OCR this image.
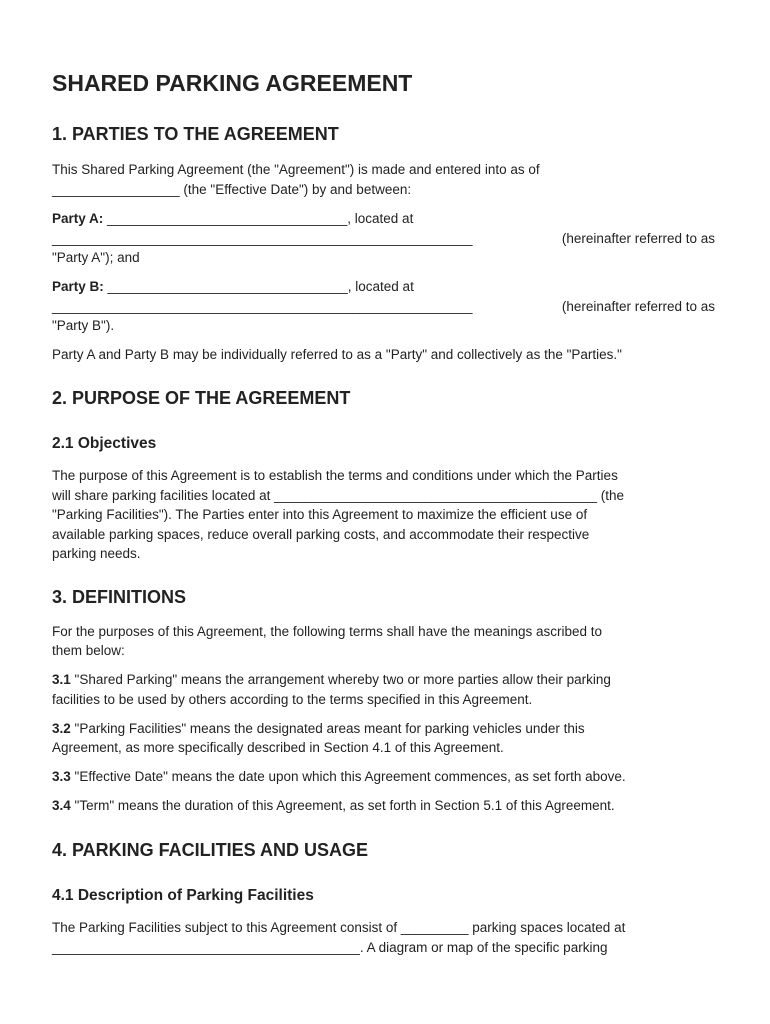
SHARED PARKING AGREEMENT
1. PARTIES TO THE AGREEMENT

This Shared Parking Agreement (the "Agreement") is made and entered into as of

_________________ (the "Effective Date") by and between:

Party A: ________________________________, located at

________________________________________________________	(hereinafter referred to as

"Party A"); and

Party B: ________________________________, located at

________________________________________________________	(hereinafter referred to as

"Party B").

Party A and Party B may be individually referred to as a "Party" and collectively as the "Parties."

2. PURPOSE OF THE AGREEMENT
2.1 Objectives

The purpose of this Agreement is to establish the terms and conditions under which the Parties

will share parking facilities located at ___________________________________________ (the

"Parking Facilities"). The Parties enter into this Agreement to maximize the efficient use of

available parking spaces, reduce overall parking costs, and accommodate their respective

parking needs.

3. DEFINITIONS

For the purposes of this Agreement, the following terms shall have the meanings ascribed to

them below:

3.1 "Shared Parking" means the arrangement whereby two or more parties allow their parking

facilities to be used by others according to the terms specified in this Agreement.

3.2 "Parking Facilities" means the designated areas meant for parking vehicles under this

Agreement, as more specifically described in Section 4.1 of this Agreement.

3.3 "Effective Date" means the date upon which this Agreement commences, as set forth above.

3.4 "Term" means the duration of this Agreement, as set forth in Section 5.1 of this Agreement.

4. PARKING FACILITIES AND USAGE
4.1 Description of Parking Facilities

The Parking Facilities subject to this Agreement consist of _________ parking spaces located at

_________________________________________. A diagram or map of the specific parking
